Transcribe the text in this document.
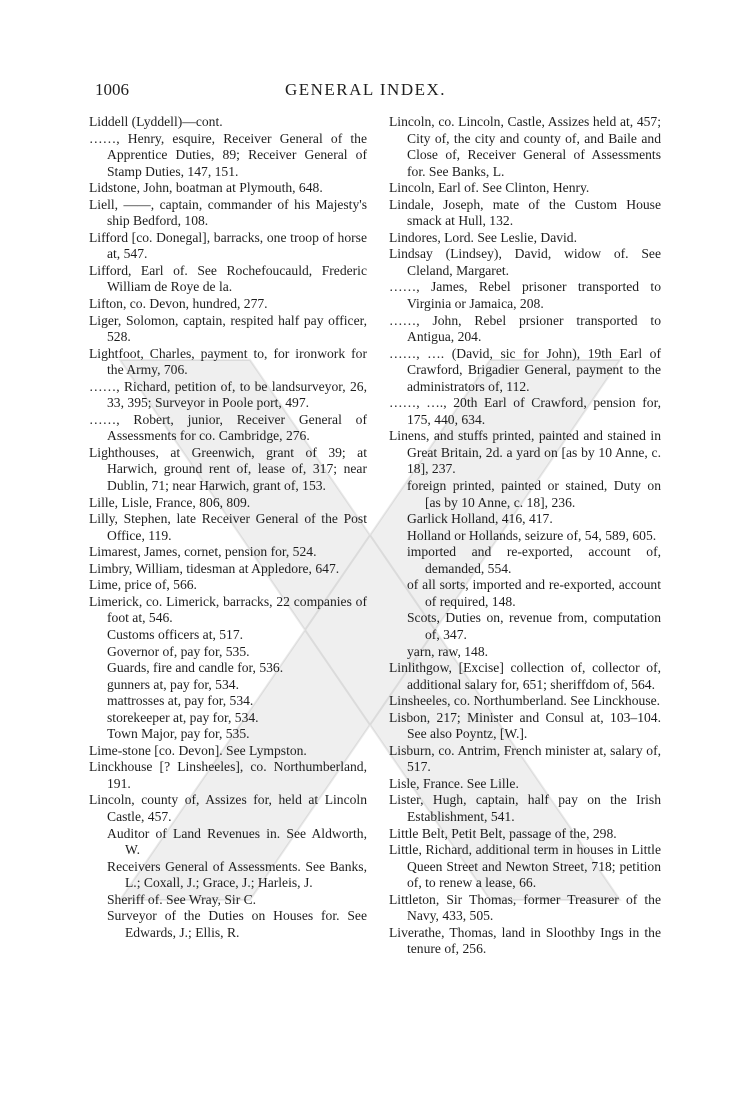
1006	GENERAL INDEX.

Liddell (Lyddell)—cont.

……, Henry, esquire, Receiver General of the Apprentice Duties, 89; Receiver General of Stamp Duties, 147, 151.

Lidstone, John, boatman at Plymouth, 648.

Liell, ——, captain, commander of his Majesty's ship Bedford, 108.

Lifford [co. Donegal], barracks, one troop of horse at, 547.

Lifford, Earl of. See Rochefoucauld, Frederic William de Roye de la.

Lifton, co. Devon, hundred, 277.

Liger, Solomon, captain, respited half pay officer, 528.

Lightfoot, Charles, payment to, for ironwork for the Army, 706.

……, Richard, petition of, to be landsurveyor, 26, 33, 395; Surveyor in Poole port, 497.

……, Robert, junior, Receiver General of Assessments for co. Cambridge, 276.

Lighthouses, at Greenwich, grant of 39; at Harwich, ground rent of, lease of, 317; near Dublin, 71; near Harwich, grant of, 153.

Lille, Lisle, France, 806, 809.

Lilly, Stephen, late Receiver General of the Post Office, 119.

Limarest, James, cornet, pension for, 524.

Limbry, William, tidesman at Appledore, 647.

Lime, price of, 566.

Limerick, co. Limerick, barracks, 22 companies of foot at, 546.

Customs officers at, 517.

Governor of, pay for, 535.

Guards, fire and candle for, 536.

gunners at, pay for, 534.

mattrosses at, pay for, 534.

storekeeper at, pay for, 534.

Town Major, pay for, 535.

Lime-stone [co. Devon]. See Lympston.

Linckhouse [? Linsheeles], co. Northumberland, 191.

Lincoln, county of, Assizes for, held at Lincoln Castle, 457.

Auditor of Land Revenues in. See Aldworth, W.

Receivers General of Assessments. See Banks, L.; Coxall, J.; Grace, J.; Harleis, J.

Sheriff of. See Wray, Sir C.

Surveyor of the Duties on Houses for. See Edwards, J.; Ellis, R.

Lincoln, co. Lincoln, Castle, Assizes held at, 457; City of, the city and county of, and Baile and Close of, Receiver General of Assessments for. See Banks, L.

Lincoln, Earl of. See Clinton, Henry.

Lindale, Joseph, mate of the Custom House smack at Hull, 132.

Lindores, Lord. See Leslie, David.

Lindsay (Lindsey), David, widow of. See Cleland, Margaret.

……, James, Rebel prisoner transported to Virginia or Jamaica, 208.

……, John, Rebel prsioner transported to Antigua, 204.

……, …. (David, sic for John), 19th Earl of Crawford, Brigadier General, payment to the administrators of, 112.

……, …., 20th Earl of Crawford, pension for, 175, 440, 634.

Linens, and stuffs printed, painted and stained in Great Britain, 2d. a yard on [as by 10 Anne, c. 18], 237.

foreign printed, painted or stained, Duty on [as by 10 Anne, c. 18], 236.

Garlick Holland, 416, 417.

Holland or Hollands, seizure of, 54, 589, 605.

imported and re-exported, account of, demanded, 554.

of all sorts, imported and re-exported, account of required, 148.

Scots, Duties on, revenue from, computation of, 347.

yarn, raw, 148.

Linlithgow, [Excise] collection of, collector of, additional salary for, 651; sheriffdom of, 564.

Linsheeles, co. Northumberland. See Linckhouse.

Lisbon, 217; Minister and Consul at, 103–104. See also Poyntz, [W.].

Lisburn, co. Antrim, French minister at, salary of, 517.

Lisle, France. See Lille.

Lister, Hugh, captain, half pay on the Irish Establishment, 541.

Little Belt, Petit Belt, passage of the, 298.

Little, Richard, additional term in houses in Little Queen Street and Newton Street, 718; petition of, to renew a lease, 66.

Littleton, Sir Thomas, former Treasurer of the Navy, 433, 505.

Liverathe, Thomas, land in Sloothby Ings in the tenure of, 256.
